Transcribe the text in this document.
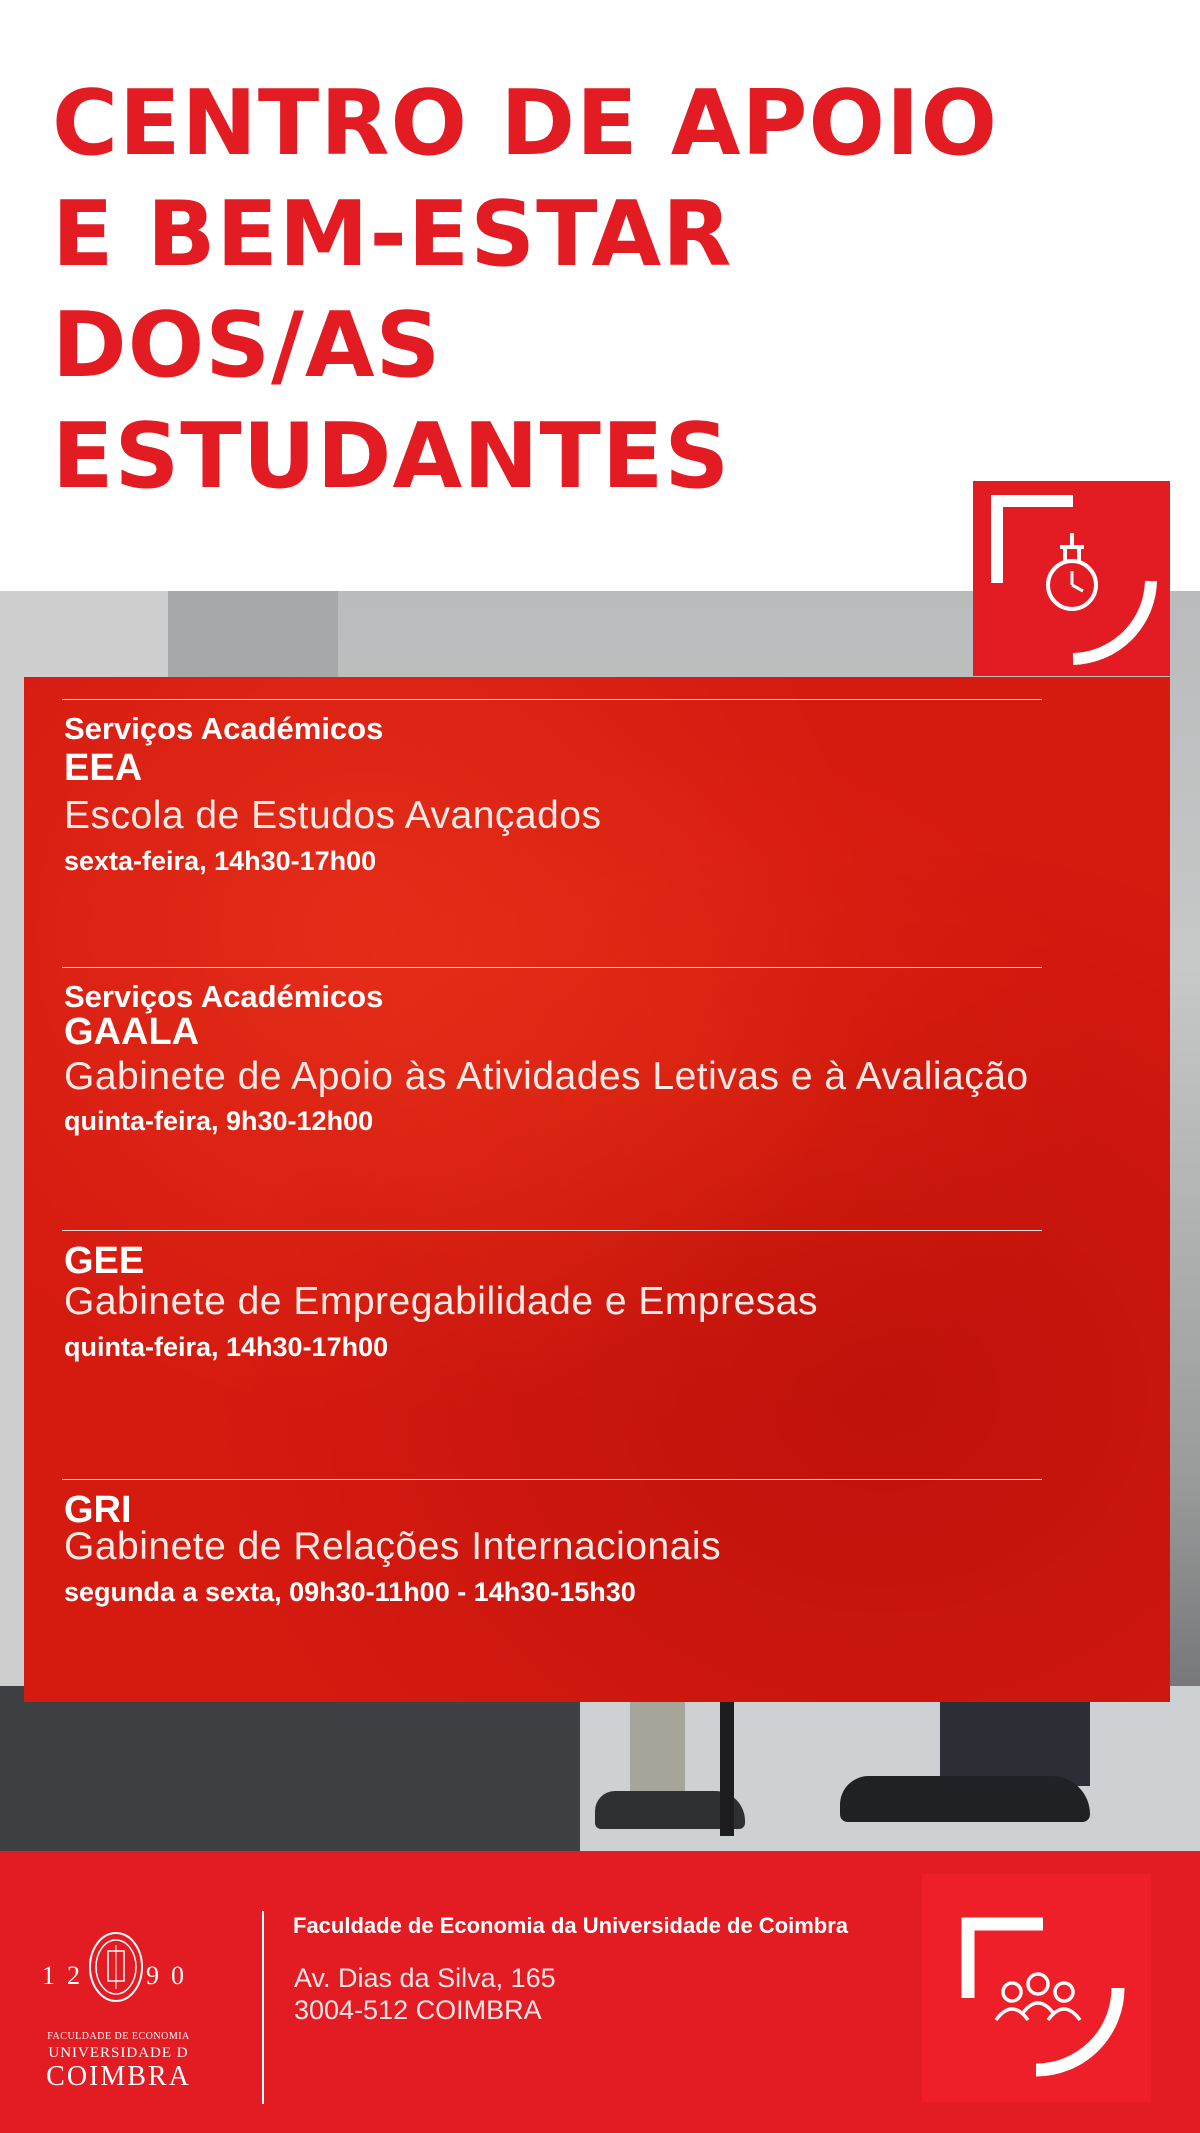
CENTRO DE APOIO
E BEM-ESTAR
DOS/AS
ESTUDANTES
Serviços Académicos
EEA
Escola de Estudos Avançados
sexta-feira, 14h30-17h00
Serviços Académicos
GAALA
Gabinete de Apoio às Atividades Letivas e à Avaliação
quinta-feira, 9h30-12h00
GEE
Gabinete de Empregabilidade e Empresas
quinta-feira, 14h30-17h00
GRI
Gabinete de Relações Internacionais
segunda a sexta, 09h30-11h00 - 14h30-15h30
12 90
FACULDADE DE ECONOMIA
UNIVERSIDADE D
COIMBRA
Faculdade de Economia da Universidade de Coimbra
Av. Dias da Silva, 165
3004-512 COIMBRA
